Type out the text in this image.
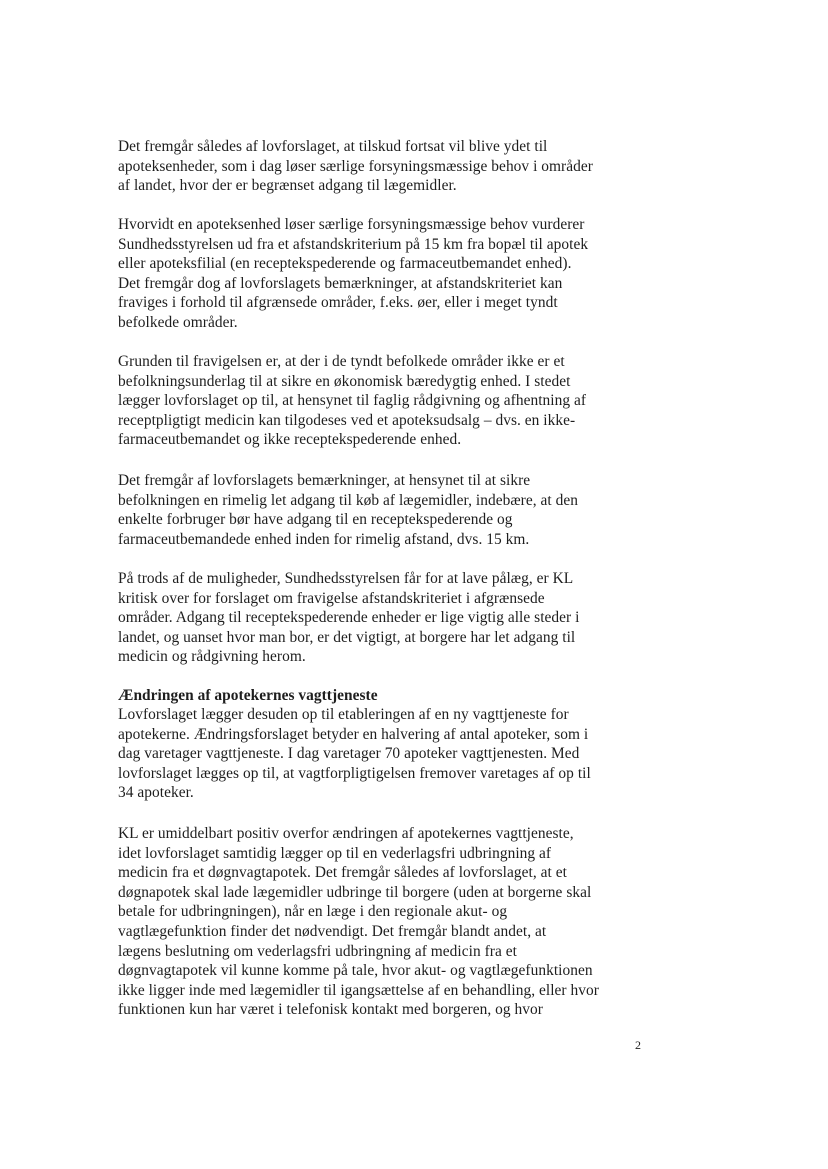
Det fremgår således af lovforslaget, at tilskud fortsat vil blive ydet til
apoteksenheder, som i dag løser særlige forsyningsmæssige behov i områder
af landet, hvor der er begrænset adgang til lægemidler.
Hvorvidt en apoteksenhed løser særlige forsyningsmæssige behov vurderer
Sundhedsstyrelsen ud fra et afstandskriterium på 15 km fra bopæl til apotek
eller apoteksfilial (en receptekspederende og farmaceutbemandet enhed).
Det fremgår dog af lovforslagets bemærkninger, at afstandskriteriet kan
fraviges i forhold til afgrænsede områder, f.eks. øer, eller i meget tyndt
befolkede områder.
Grunden til fravigelsen er, at der i de tyndt befolkede områder ikke er et
befolkningsunderlag til at sikre en økonomisk bæredygtig enhed. I stedet
lægger lovforslaget op til, at hensynet til faglig rådgivning og afhentning af
receptpligtigt medicin kan tilgodeses ved et apoteksudsalg – dvs. en ikke-
farmaceutbemandet og ikke receptekspederende enhed.
Det fremgår af lovforslagets bemærkninger, at hensynet til at sikre
befolkningen en rimelig let adgang til køb af lægemidler, indebære, at den
enkelte forbruger bør have adgang til en receptekspederende og
farmaceutbemandede enhed inden for rimelig afstand, dvs. 15 km.
På trods af de muligheder, Sundhedsstyrelsen får for at lave pålæg, er KL
kritisk over for forslaget om fravigelse afstandskriteriet i afgrænsede
områder. Adgang til receptekspederende enheder er lige vigtig alle steder i
landet, og uanset hvor man bor, er det vigtigt, at borgere har let adgang til
medicin og rådgivning herom.
Ændringen af apotekernes vagttjeneste
Lovforslaget lægger desuden op til etableringen af en ny vagttjeneste for
apotekerne. Ændringsforslaget betyder en halvering af antal apoteker, som i
dag varetager vagttjeneste. I dag varetager 70 apoteker vagttjenesten. Med
lovforslaget lægges op til, at vagtforpligtigelsen fremover varetages af op til
34 apoteker.
KL er umiddelbart positiv overfor ændringen af apotekernes vagttjeneste,
idet lovforslaget samtidig lægger op til en vederlagsfri udbringning af
medicin fra et døgnvagtapotek. Det fremgår således af lovforslaget, at et
døgnapotek skal lade lægemidler udbringe til borgere (uden at borgerne skal
betale for udbringningen), når en læge i den regionale akut- og
vagtlægefunktion finder det nødvendigt. Det fremgår blandt andet, at
lægens beslutning om vederlagsfri udbringning af medicin fra et
døgnvagtapotek vil kunne komme på tale, hvor akut- og vagtlægefunktionen
ikke ligger inde med lægemidler til igangsættelse af en behandling, eller hvor
funktionen kun har været i telefonisk kontakt med borgeren, og hvor
2
